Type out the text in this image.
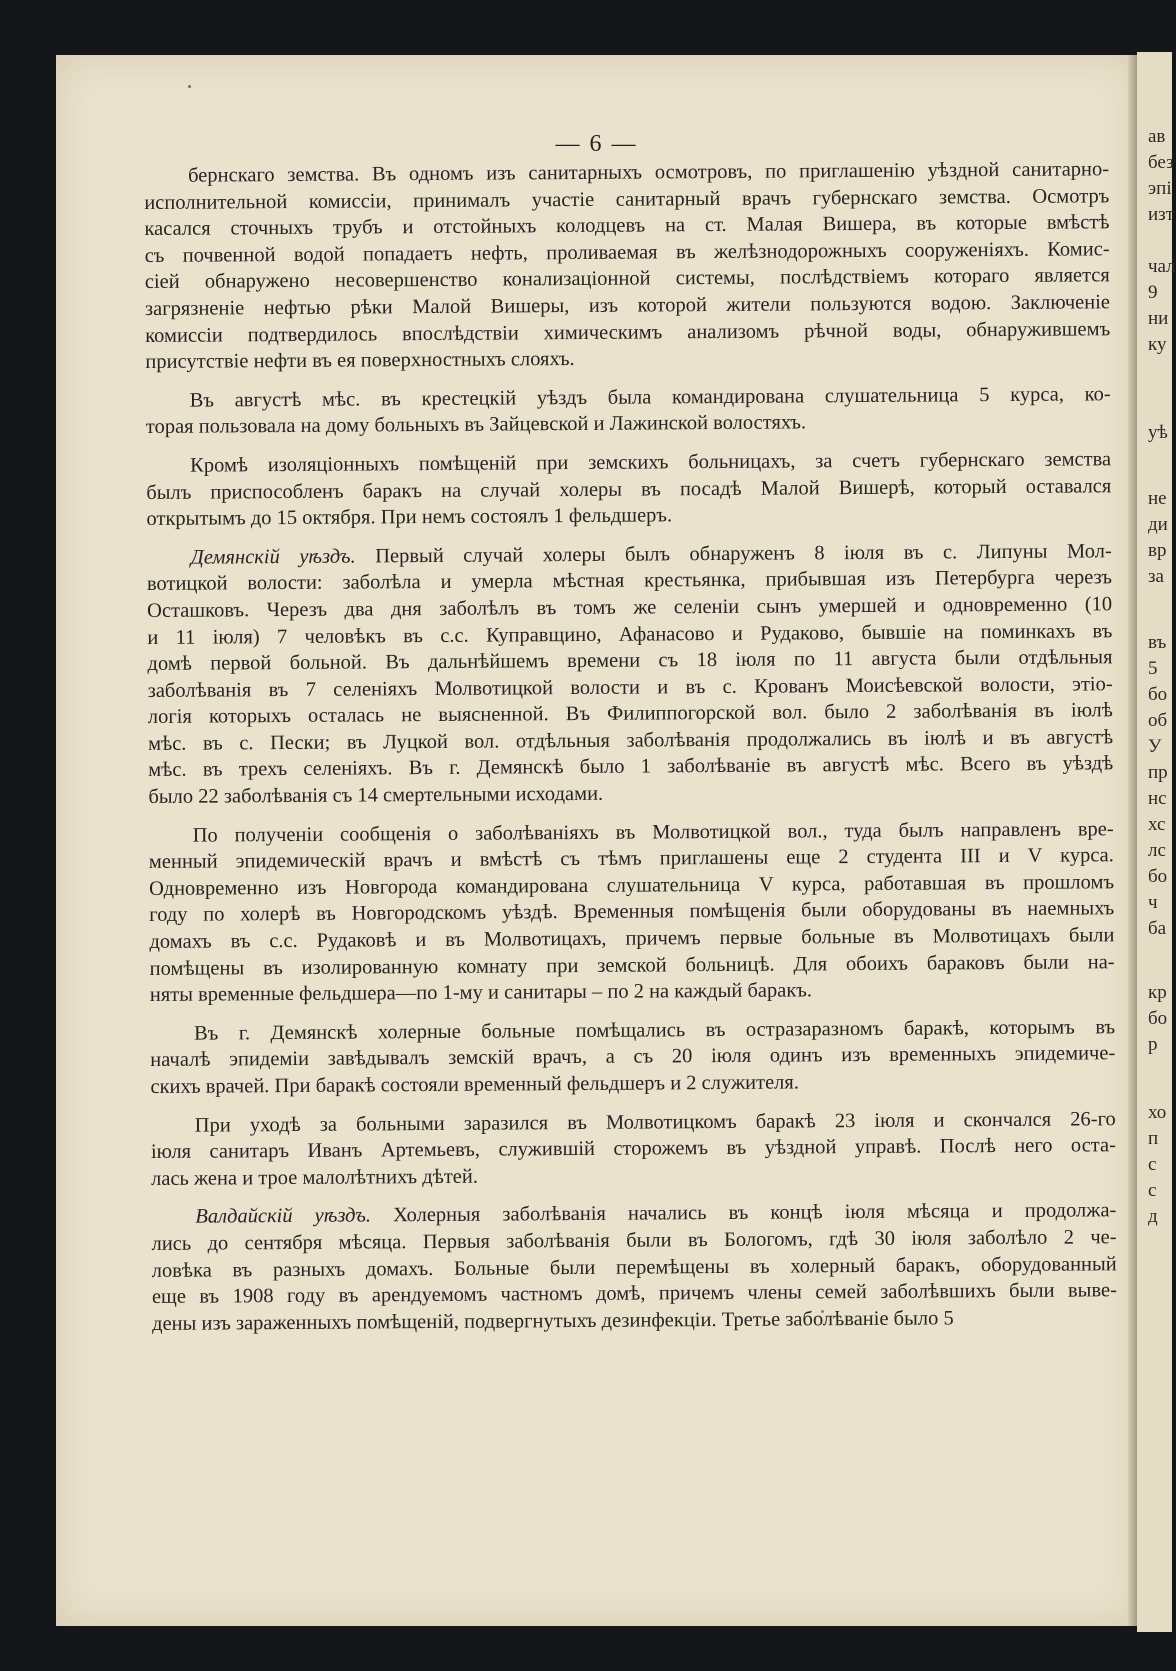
— 6 —

бернскаго земства. Въ одномъ изъ санитарныхъ осмотровъ, по приглашенію уѣздной санитарно-
исполнительной комиссіи, принималъ участіе санитарный врачъ губернскаго земства. Осмотръ
касался сточныхъ трубъ и отстойныхъ колодцевъ на ст. Малая Вишера, въ которые вмѣстѣ
съ почвенной водой попадаетъ нефть, проливаемая въ желѣзнодорожныхъ сооруженіяхъ. Комис-
сіей обнаружено несовершенство конализаціонной системы, послѣдствіемъ котораго является
загрязненіе нефтью рѣки Малой Вишеры, изъ которой жители пользуются водою. Заключеніе
комиссіи подтвердилось впослѣдствіи химическимъ анализомъ рѣчной воды, обнаружившемъ
присутствіе нефти въ ея поверхностныхъ слояхъ.

Въ августѣ мѣс. въ крестецкій уѣздъ была командирована слушательница 5 курса, ко-
торая пользовала на дому больныхъ въ Зайцевской и Лажинской волостяхъ.

Кромѣ изоляціонныхъ помѣщеній при земскихъ больницахъ, за счетъ губернскаго земства
былъ приспособленъ баракъ на случай холеры въ посадѣ Малой Вишерѣ, который оставался
открытымъ до 15 октября. При немъ состоялъ 1 фельдшеръ.

Демянскій уѣздъ. Первый случай холеры былъ обнаруженъ 8 іюля въ с. Липуны Мол-
вотицкой волости: заболѣла и умерла мѣстная крестьянка, прибывшая изъ Петербурга черезъ
Осташковъ. Черезъ два дня заболѣлъ въ томъ же селеніи сынъ умершей и одновременно (10
и 11 іюля) 7 человѣкъ въ с.с. Куправщино, Афанасово и Рудаково, бывшіе на поминкахъ въ
домѣ первой больной. Въ дальнѣйшемъ времени съ 18 іюля по 11 августа были отдѣльныя
заболѣванія въ 7 селеніяхъ Молвотицкой волости и въ с. Крованъ Моисѣевской волости, этіо-
логія которыхъ осталась не выясненной. Въ Филиппогорской вол. было 2 заболѣванія въ іюлѣ
мѣс. въ с. Пески; въ Луцкой вол. отдѣльныя заболѣванія продолжались въ іюлѣ и въ августѣ
мѣс. въ трехъ селеніяхъ. Въ г. Демянскѣ было 1 заболѣваніе въ августѣ мѣс. Всего въ уѣздѣ
было 22 заболѣванія съ 14 смертельными исходами.

По полученіи сообщенія о заболѣваніяхъ въ Молвотицкой вол., туда былъ направленъ вре-
менный эпидемическій врачъ и вмѣстѣ съ тѣмъ приглашены еще 2 студента III и V курса.
Одновременно изъ Новгорода командирована слушательница V курса, работавшая въ прошломъ
году по холерѣ въ Новгородскомъ уѣздѣ. Временныя помѣщенія были оборудованы въ наемныхъ
домахъ въ с.с. Рудаковѣ и въ Молвотицахъ, причемъ первые больные въ Молвотицахъ были
помѣщены въ изолированную комнату при земской больницѣ. Для обоихъ бараковъ были на-
няты временные фельдшера—по 1-му и санитары – по 2 на каждый баракъ.

Въ г. Демянскѣ холерные больные помѣщались въ остразаразномъ баракѣ, которымъ въ
началѣ эпидеміи завѣдывалъ земскій врачъ, а съ 20 іюля одинъ изъ временныхъ эпидемиче-
скихъ врачей. При баракѣ состояли временный фельдшеръ и 2 служителя.

При уходѣ за больными заразился въ Молвотицкомъ баракѣ 23 іюля и скончался 26-го
іюля санитаръ Иванъ Артемьевъ, служившій сторожемъ въ уѣздной управѣ. Послѣ него оста-
лась жена и трое малолѣтнихъ дѣтей.

Валдайскій уѣздъ. Холерныя заболѣванія начались въ концѣ іюля мѣсяца и продолжа-
лись до сентября мѣсяца. Первыя заболѣванія были въ Бологомъ, гдѣ 30 іюля заболѣло 2 че-
ловѣка въ разныхъ домахъ. Больные были перемѣщены въ холерный баракъ, оборудованный
еще въ 1908 году въ арендуемомъ частномъ домѣ, причемъ члены семей заболѣвшихъ были выве-
дены изъ зараженныхъ помѣщеній, подвергнутыхъ дезинфекціи. Третье заболѣваніе было 5

ав
без
эпі
изт
чал
9
ни
ку
уѣ
не
ди
вр
за
въ
5
бо
об
У
пр
нс
хс
лс
бо
ч
ба
кр
бо
р
хо
п
с
с
д
